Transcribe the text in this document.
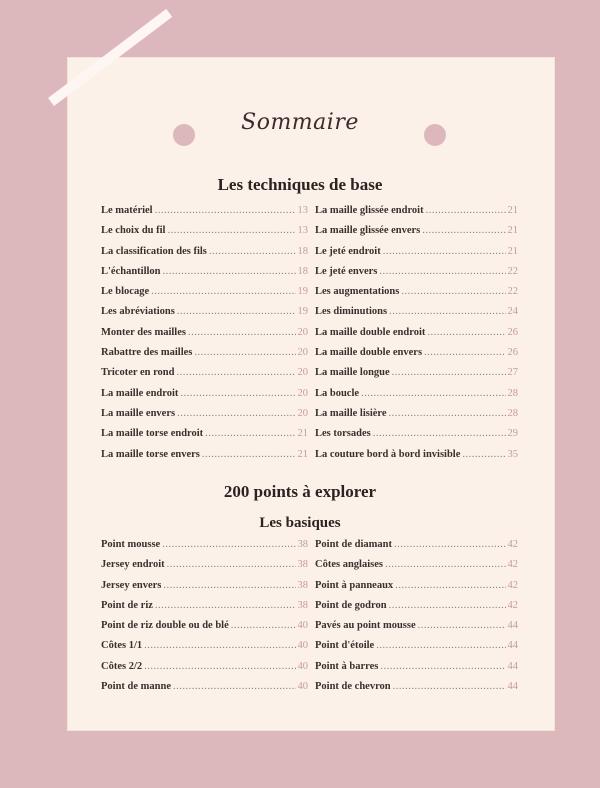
Sommaire
Les techniques de base
Le matériel .....	13
Le choix du fil .....	13
La classification des fils .....	18
L'échantillon .....	18
Le blocage .....	19
Les abréviations .....	19
Monter des mailles .....	20
Rabattre des mailles .....	20
Tricoter en rond .....	20
La maille endroit .....	20
La maille envers .....	20
La maille torse endroit .....	21
La maille torse envers .....	21
La maille glissée endroit .....	21
La maille glissée envers .....	21
Le jeté endroit .....	21
Le jeté envers .....	22
Les augmentations .....	22
Les diminutions .....	24
La maille double endroit .....	26
La maille double envers .....	26
La maille longue .....	27
La boucle .....	28
La maille lisière .....	28
Les torsades .....	29
La couture bord à bord invisible .....	35
200 points à explorer
Les basiques
Point mousse .....	38
Jersey endroit .....	38
Jersey envers .....	38
Point de riz .....	38
Point de riz double ou de blé .....	40
Côtes 1/1 .....	40
Côtes 2/2 .....	40
Point de manne .....	40
Point de diamant .....	42
Côtes anglaises .....	42
Point à panneaux .....	42
Point de godron .....	42
Pavés au point mousse .....	44
Point d'étoile .....	44
Point à barres .....	44
Point de chevron .....	44
